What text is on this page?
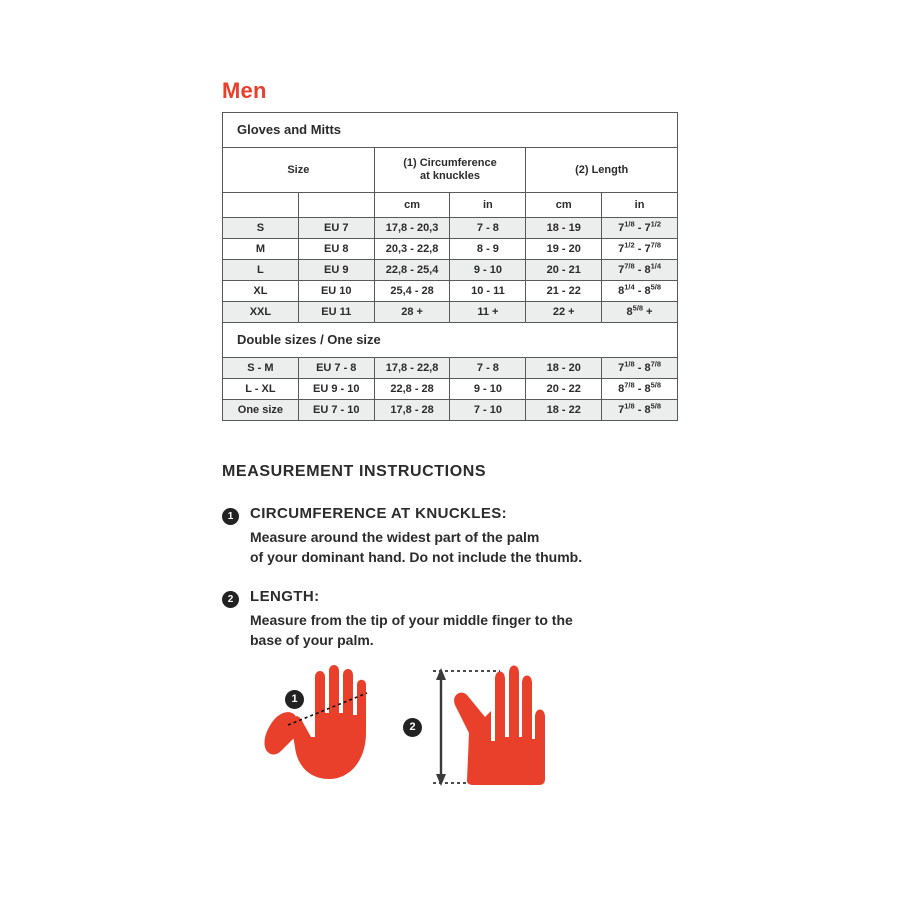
Men
Gloves and Mitts					
Size		(1) Circumference
at knuckles		(2) Length	
		cm	in	cm	in
S	EU 7	17,8 - 20,3	7 - 8	18 - 19	$7^{1/8} - 7^{1/2}$
M	EU 8	20,3 - 22,8	8 - 9	19 - 20	$7^{1/2} - 7^{7/8}$
L	EU 9	22,8 - 25,4	9 - 10	20 - 21	$7^{7/8} - 8^{1/4}$
XL	EU 10	25,4 - 28	10 - 11	21 - 22	$8^{1/4} - 8^{5/8}$
XXL	EU 11	28 +	11 +	22 +	$8^{5/8}$ +
Double sizes / One size					
S - M	EU 7 - 8	17,8 - 22,8	7 - 8	18 - 20	$7^{1/8} - 8^{7/8}$
L - XL	EU 9 - 10	22,8 - 28	9 - 10	20 - 22	$8^{7/8} - 8^{5/8}$
One size	EU 7 - 10	17,8 - 28	7 - 10	18 - 22	$7^{1/8} - 8^{5/8}$
MEASUREMENT INSTRUCTIONS
1	CIRCUMFERENCE AT KNUCKLES:
Measure around the widest part of the palm
of your dominant hand. Do not include the thumb.
2	LENGTH:
Measure from the tip of your middle finger to the
base of your palm.
1
2
